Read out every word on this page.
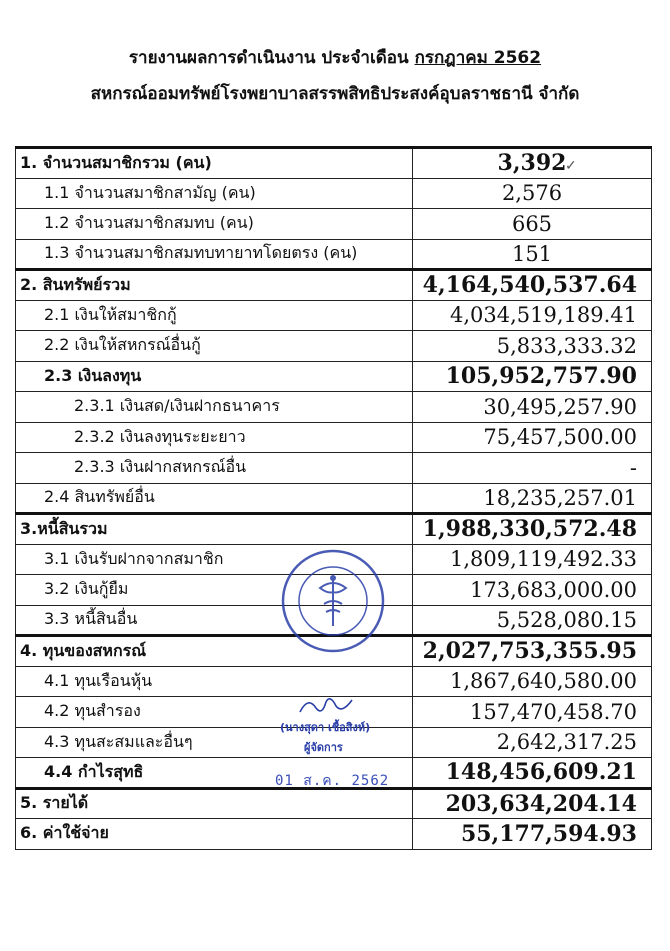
รายงานผลการดำเนินงาน ประจำเดือน กรกฎาคม 2562
สหกรณ์ออมทรัพย์โรงพยาบาลสรรพสิทธิประสงค์อุบลราชธานี จำกัด
1. จำนวนสมาชิกรวม (คน)	3,392
1.1 จำนวนสมาชิกสามัญ (คน)	2,576
1.2 จำนวนสมาชิกสมทบ (คน)	665
1.3 จำนวนสมาชิกสมทบทายาทโดยตรง (คน)	151
2. สินทรัพย์รวม	4,164,540,537.64
2.1 เงินให้สมาชิกกู้	4,034,519,189.41
2.2 เงินให้สหกรณ์อื่นกู้	5,833,333.32
2.3 เงินลงทุน	105,952,757.90
2.3.1 เงินสด/เงินฝากธนาคาร	30,495,257.90
2.3.2 เงินลงทุนระยะยาว	75,457,500.00
2.3.3 เงินฝากสหกรณ์อื่น	-
2.4 สินทรัพย์อื่น	18,235,257.01
3.หนี้สินรวม	1,988,330,572.48
3.1 เงินรับฝากจากสมาชิก	1,809,119,492.33
3.2 เงินกู้ยืม	173,683,000.00
3.3 หนี้สินอื่น	5,528,080.15
4. ทุนของสหกรณ์	2,027,753,355.95
4.1 ทุนเรือนหุ้น	1,867,640,580.00
4.2 ทุนสำรอง	157,470,458.70
4.3 ทุนสะสมและอื่นๆ	2,642,317.25
4.4 กำไรสุทธิ	148,456,609.21
5. รายได้	203,634,204.14
6. ค่าใช้จ่าย	55,177,594.93
✓
(นางสุดา เชื้อสิงห์)
ผู้จัดการ
01 ส.ค. 2562
